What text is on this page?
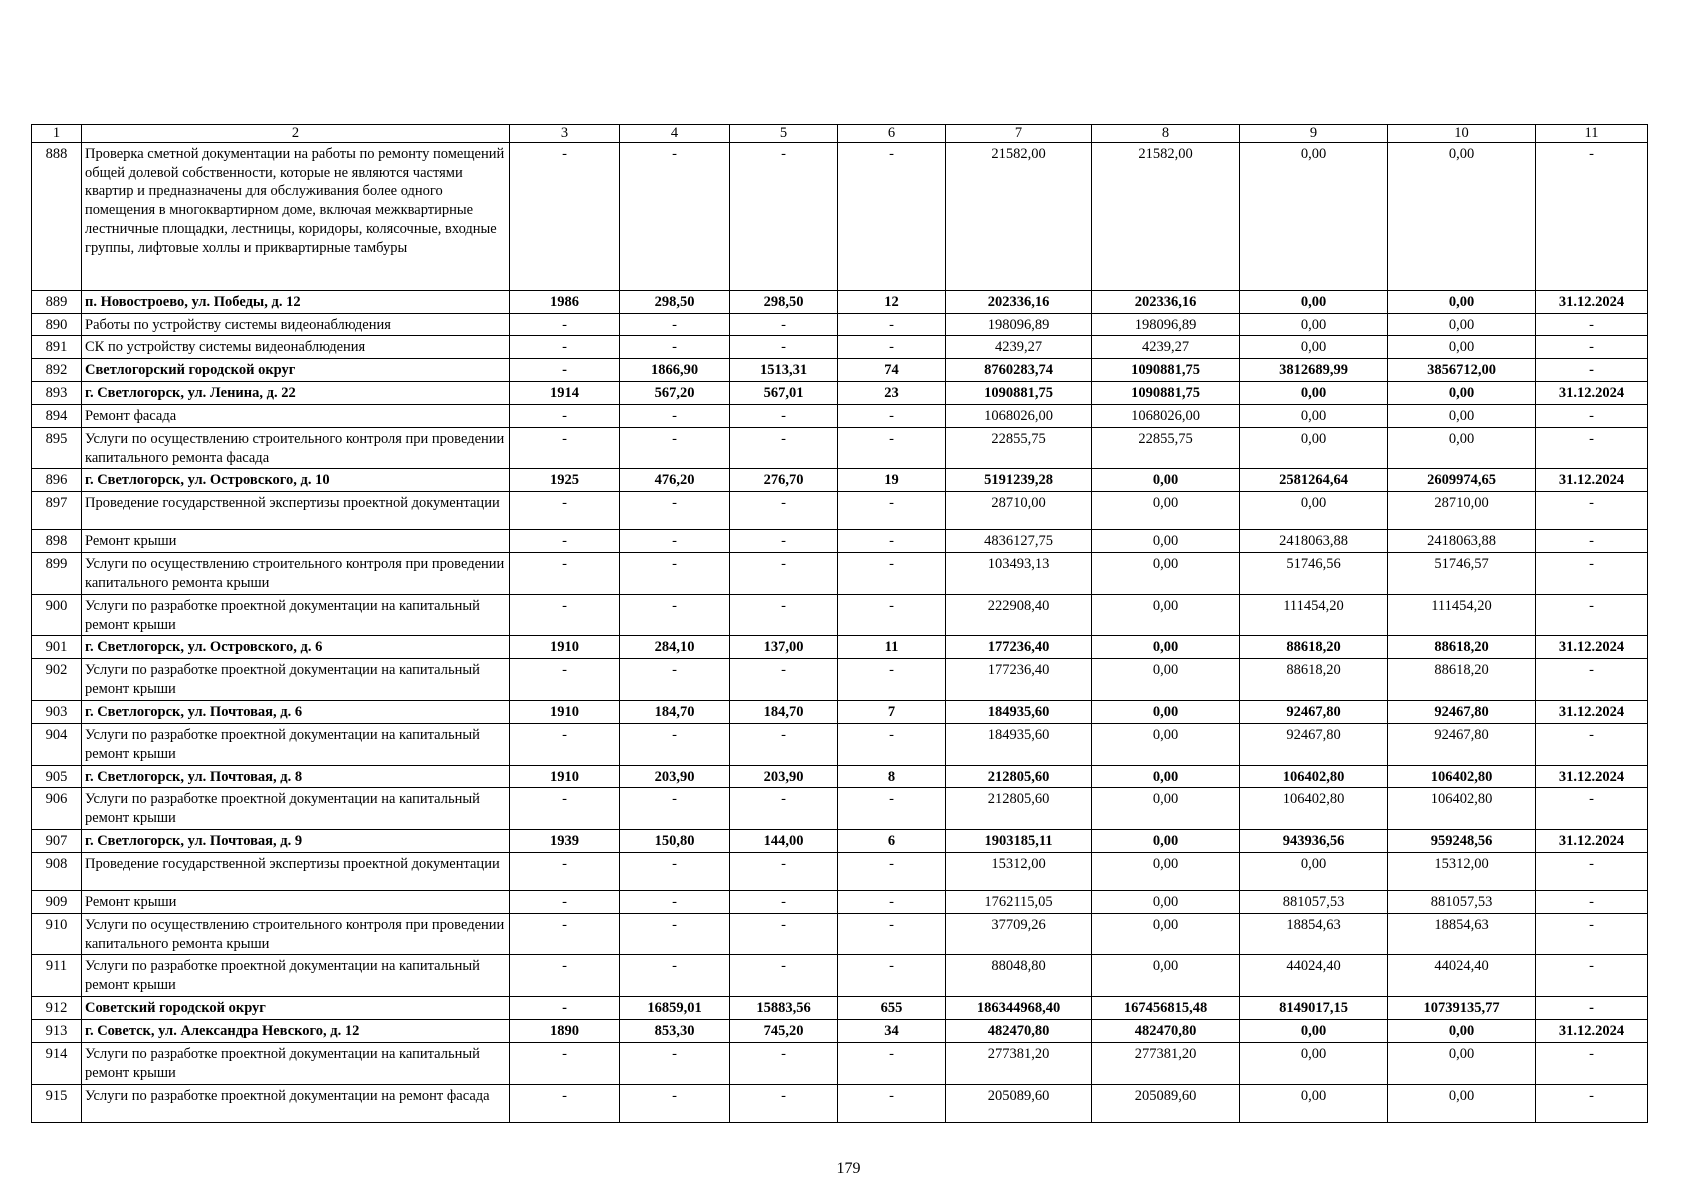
1	2	3	4	5	6	7	8	9	10	11
888	Проверка сметной документации на работы по ремонту помещений общей долевой собственности, которые не являются частями квартир и предназначены для обслуживания более одного помещения в многоквартирном доме, включая межквартирные лестничные площадки, лестницы, коридоры, колясочные, входные группы, лифтовые холлы и приквартирные тамбуры	-	-	-	-	21582,00	21582,00	0,00	0,00	-
889	п. Новостроево, ул. Победы, д. 12	1986	298,50	298,50	12	202336,16	202336,16	0,00	0,00	31.12.2024
890	Работы по устройству системы видеонаблюдения	-	-	-	-	198096,89	198096,89	0,00	0,00	-
891	СК по устройству системы видеонаблюдения	-	-	-	-	4239,27	4239,27	0,00	0,00	-
892	Светлогорский городской округ	-	1866,90	1513,31	74	8760283,74	1090881,75	3812689,99	3856712,00	-
893	г. Светлогорск, ул. Ленина, д. 22	1914	567,20	567,01	23	1090881,75	1090881,75	0,00	0,00	31.12.2024
894	Ремонт фасада	-	-	-	-	1068026,00	1068026,00	0,00	0,00	-
895	Услуги по осуществлению строительного контроля при проведении капитального ремонта фасада	-	-	-	-	22855,75	22855,75	0,00	0,00	-
896	г. Светлогорск, ул. Островского, д. 10	1925	476,20	276,70	19	5191239,28	0,00	2581264,64	2609974,65	31.12.2024
897	Проведение государственной экспертизы проектной документации	-	-	-	-	28710,00	0,00	0,00	28710,00	-
898	Ремонт крыши	-	-	-	-	4836127,75	0,00	2418063,88	2418063,88	-
899	Услуги по осуществлению строительного контроля при проведении капитального ремонта крыши	-	-	-	-	103493,13	0,00	51746,56	51746,57	-
900	Услуги по разработке проектной документации на капитальный ремонт крыши	-	-	-	-	222908,40	0,00	111454,20	111454,20	-
901	г. Светлогорск, ул. Островского, д. 6	1910	284,10	137,00	11	177236,40	0,00	88618,20	88618,20	31.12.2024
902	Услуги по разработке проектной документации на капитальный ремонт крыши	-	-	-	-	177236,40	0,00	88618,20	88618,20	-
903	г. Светлогорск, ул. Почтовая, д. 6	1910	184,70	184,70	7	184935,60	0,00	92467,80	92467,80	31.12.2024
904	Услуги по разработке проектной документации на капитальный ремонт крыши	-	-	-	-	184935,60	0,00	92467,80	92467,80	-
905	г. Светлогорск, ул. Почтовая, д. 8	1910	203,90	203,90	8	212805,60	0,00	106402,80	106402,80	31.12.2024
906	Услуги по разработке проектной документации на капитальный ремонт крыши	-	-	-	-	212805,60	0,00	106402,80	106402,80	-
907	г. Светлогорск, ул. Почтовая, д. 9	1939	150,80	144,00	6	1903185,11	0,00	943936,56	959248,56	31.12.2024
908	Проведение государственной экспертизы проектной документации	-	-	-	-	15312,00	0,00	0,00	15312,00	-
909	Ремонт крыши	-	-	-	-	1762115,05	0,00	881057,53	881057,53	-
910	Услуги по осуществлению строительного контроля при проведении капитального ремонта крыши	-	-	-	-	37709,26	0,00	18854,63	18854,63	-
911	Услуги по разработке проектной документации на капитальный ремонт крыши	-	-	-	-	88048,80	0,00	44024,40	44024,40	-
912	Советский городской округ	-	16859,01	15883,56	655	186344968,40	167456815,48	8149017,15	10739135,77	-
913	г. Советск, ул. Александра Невского, д. 12	1890	853,30	745,20	34	482470,80	482470,80	0,00	0,00	31.12.2024
914	Услуги по разработке проектной документации на капитальный ремонт крыши	-	-	-	-	277381,20	277381,20	0,00	0,00	-
915	Услуги по разработке проектной документации на ремонт фасада	-	-	-	-	205089,60	205089,60	0,00	0,00	-
179
